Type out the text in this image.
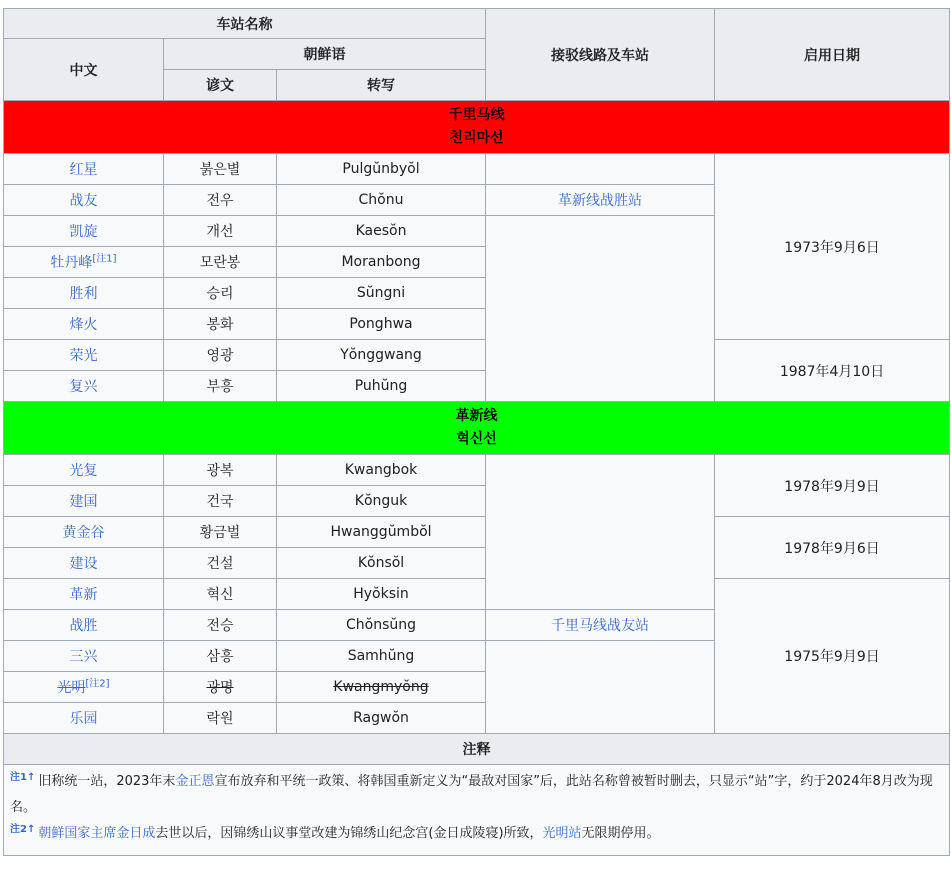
车站名称			接驳线路及车站	启用日期
中文	朝鲜语			
	谚文	转写		
千里马线
천리마선				
红星	붉은별	Pulgŭnbyŏl		1973年9月6日
战友	전우	Chŏnu	革新线战胜站	
凯旋	개선	Kaesŏn		
牡丹峰[注1]	모란봉	Moranbong		
胜利	승리	Sŭngni		
烽火	봉화	Ponghwa		
荣光	영광	Yŏnggwang		1987年4月10日
复兴	부흥	Puhŭng		
革新线
혁신선				
光复	광복	Kwangbok		1978年9月9日
建国	건국	Kŏnguk		
黄金谷	황금벌	Hwanggŭmbŏl		1978年9月6日
建设	건설	Kŏnsŏl		
革新	혁신	Hyŏksin		1975年9月9日
战胜	전승	Chŏnsŭng	千里马线战友站	
三兴	삼흥	Samhŭng		
光明[注2]	광명	Kwangmyŏng		
乐园	락원	Ragwŏn		
注释				

$^{注1↑}$ 旧称统一站，2023年末金正恩宣布放弃和平统一政策、将韩国重新定义为“最敌对国家”后，此站名称曾被暂时删去，只显示“站”字，约于2024年8月改为现名。
$^{注2↑}$ 朝鲜国家主席金日成去世以后，因锦绣山议事堂改建为锦绣山纪念宫(金日成陵寝)所致，光明站无限期停用。				
